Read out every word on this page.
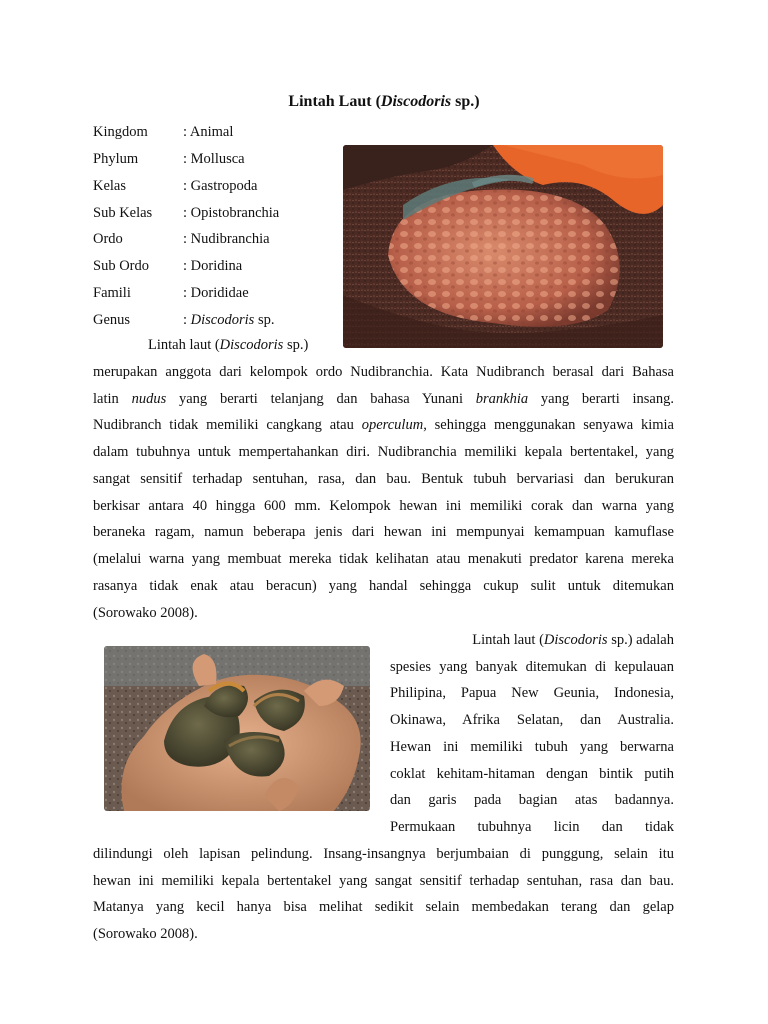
Lintah Laut (Discodoris sp.)
Kingdom : Animal
Phylum	: Mollusca
Kelas	: Gastropoda
Sub Kelas : Opistobranchia
Ordo	: Nudibranchia
Sub Ordo : Doridina
Famili	: Dorididae
Genus	: Discodoris sp.
Lintah laut (Discodoris sp.)
merupakan anggota dari kelompok ordo Nudibranchia. Kata Nudibranch berasal dari Bahasa
latin nudus yang berarti telanjang dan bahasa Yunani brankhia yang berarti insang.
Nudibranch tidak memiliki cangkang atau operculum, sehingga menggunakan senyawa kimia
dalam tubuhnya untuk mempertahankan diri. Nudibranchia memiliki kepala bertentakel, yang
sangat sensitif terhadap sentuhan, rasa, dan bau. Bentuk tubuh bervariasi dan berukuran
berkisar antara 40 hingga 600 mm. Kelompok hewan ini memiliki corak dan warna yang
beraneka ragam, namun beberapa jenis dari hewan ini mempunyai kemampuan kamuflase
(melalui warna yang membuat mereka tidak kelihatan atau menakuti predator karena mereka
rasanya tidak enak atau beracun) yang handal sehingga cukup sulit untuk ditemukan
(Sorowako 2008).
Lintah laut (Discodoris sp.) adalah
spesies yang banyak ditemukan di kepulauan
Philipina, Papua New Geunia, Indonesia,
Okinawa, Afrika Selatan, dan Australia.
Hewan ini memiliki tubuh yang berwarna
coklat kehitam-hitaman dengan bintik putih
dan garis pada bagian atas badannya.
Permukaan tubuhnya licin dan tidak
dilindungi oleh lapisan pelindung. Insang-insangnya berjumbaian di punggung, selain itu
hewan ini memiliki kepala bertentakel yang sangat sensitif terhadap sentuhan, rasa dan bau.
Matanya yang kecil hanya bisa melihat sedikit selain membedakan terang dan gelap
(Sorowako 2008).
